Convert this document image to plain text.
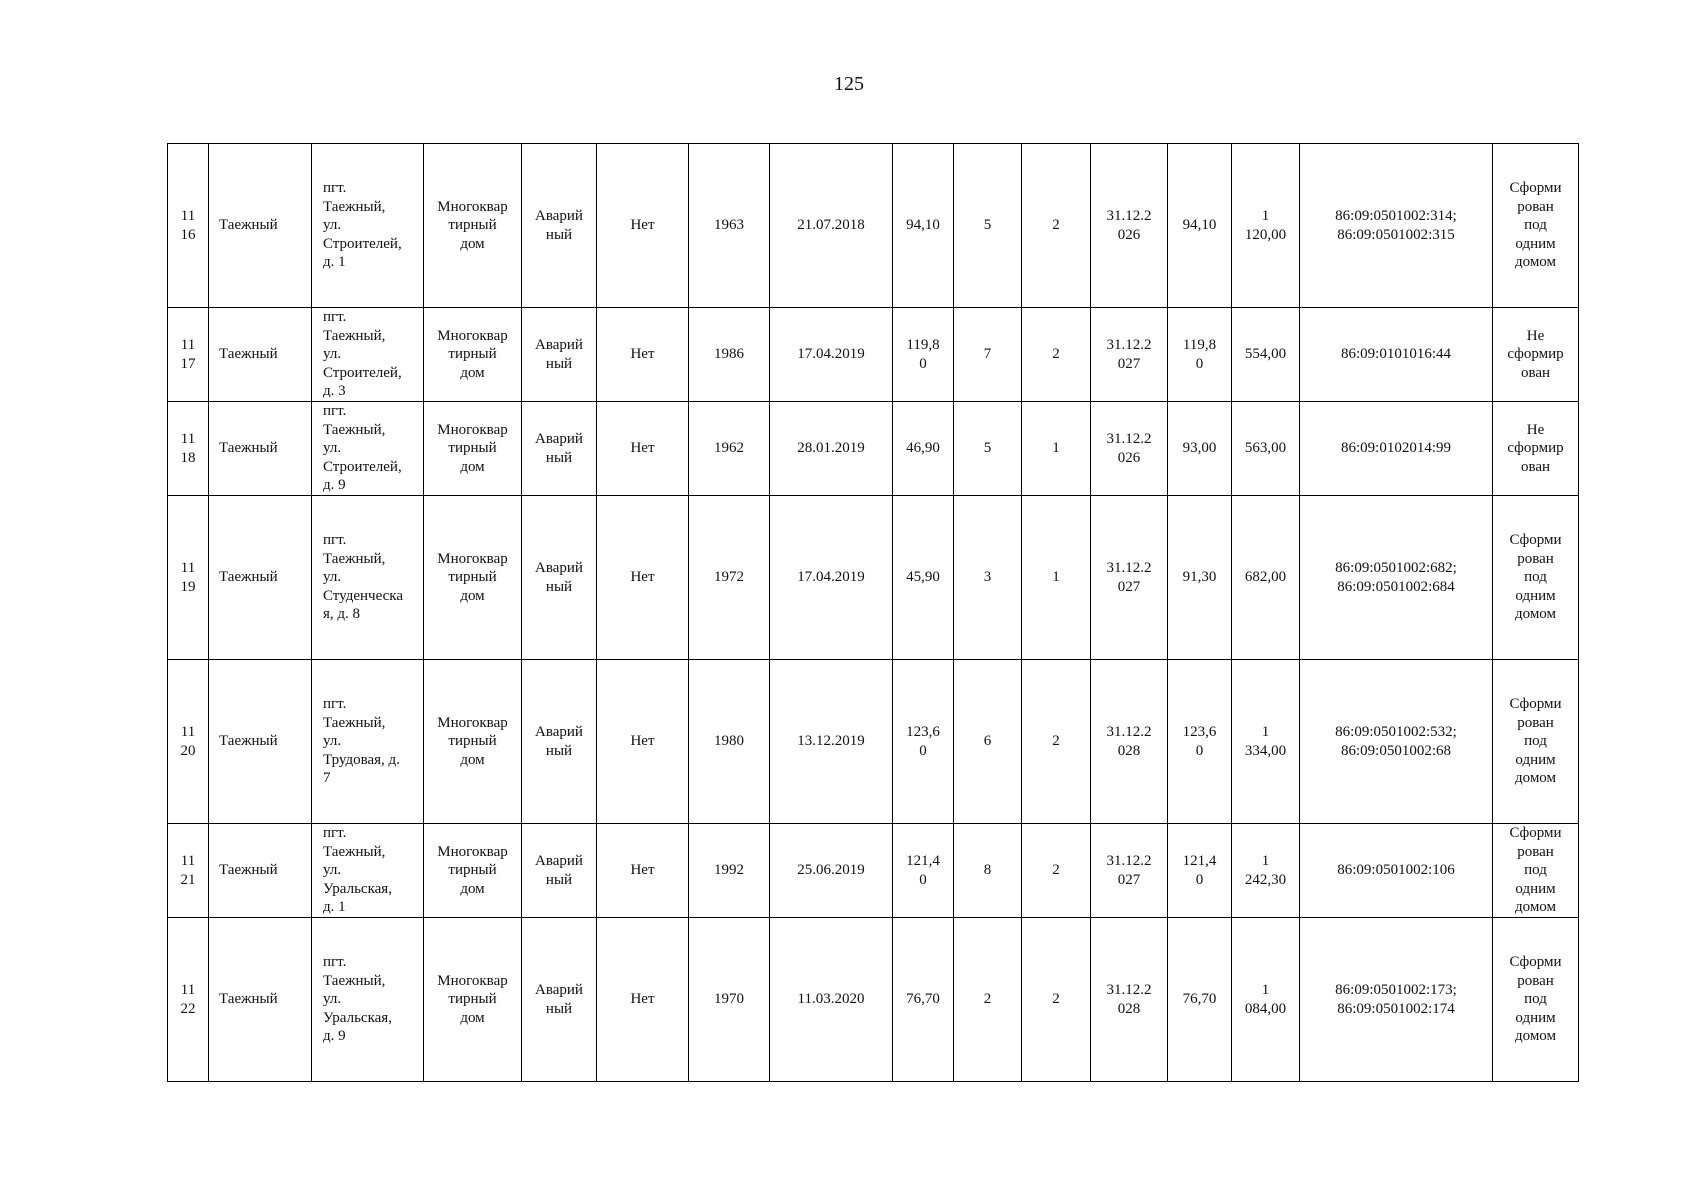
125
11
16	Таежный	пгт.
Таежный,
ул.
Строителей,
д. 1	Многоквар
тирный
дом	Аварий
ный	Нет	1963	21.07.2018	94,10	5	2	31.12.2
026	94,10	1
120,00	86:09:0501002:314;
86:09:0501002:315	Сформи
рован
под
одним
домом

11
17	Таежный	пгт.
Таежный,
ул.
Строителей,
д. 3	Многоквар
тирный
дом	Аварий
ный	Нет	1986	17.04.2019	119,8
0	7	2	31.12.2
027	119,8
0	554,00	86:09:0101016:44	Не
сформир
ован

11
18	Таежный	пгт.
Таежный,
ул.
Строителей,
д. 9	Многоквар
тирный
дом	Аварий
ный	Нет	1962	28.01.2019	46,90	5	1	31.12.2
026	93,00	563,00	86:09:0102014:99	Не
сформир
ован

11
19	Таежный	пгт.
Таежный,
ул.
Студенческа
я, д. 8	Многоквар
тирный
дом	Аварий
ный	Нет	1972	17.04.2019	45,90	3	1	31.12.2
027	91,30	682,00	86:09:0501002:682;
86:09:0501002:684	Сформи
рован
под
одним
домом

11
20	Таежный	пгт.
Таежный,
ул.
Трудовая, д.
7	Многоквар
тирный
дом	Аварий
ный	Нет	1980	13.12.2019	123,6
0	6	2	31.12.2
028	123,6
0	1
334,00	86:09:0501002:532;
86:09:0501002:68	Сформи
рован
под
одним
домом

11
21	Таежный	пгт.
Таежный,
ул.
Уральская,
д. 1	Многоквар
тирный
дом	Аварий
ный	Нет	1992	25.06.2019	121,4
0	8	2	31.12.2
027	121,4
0	1
242,30	86:09:0501002:106	Сформи
рован
под
одним
домом

11
22	Таежный	пгт.
Таежный,
ул.
Уральская,
д. 9	Многоквар
тирный
дом	Аварий
ный	Нет	1970	11.03.2020	76,70	2	2	31.12.2
028	76,70	1
084,00	86:09:0501002:173;
86:09:0501002:174	Сформи
рован
под
одним
домом
